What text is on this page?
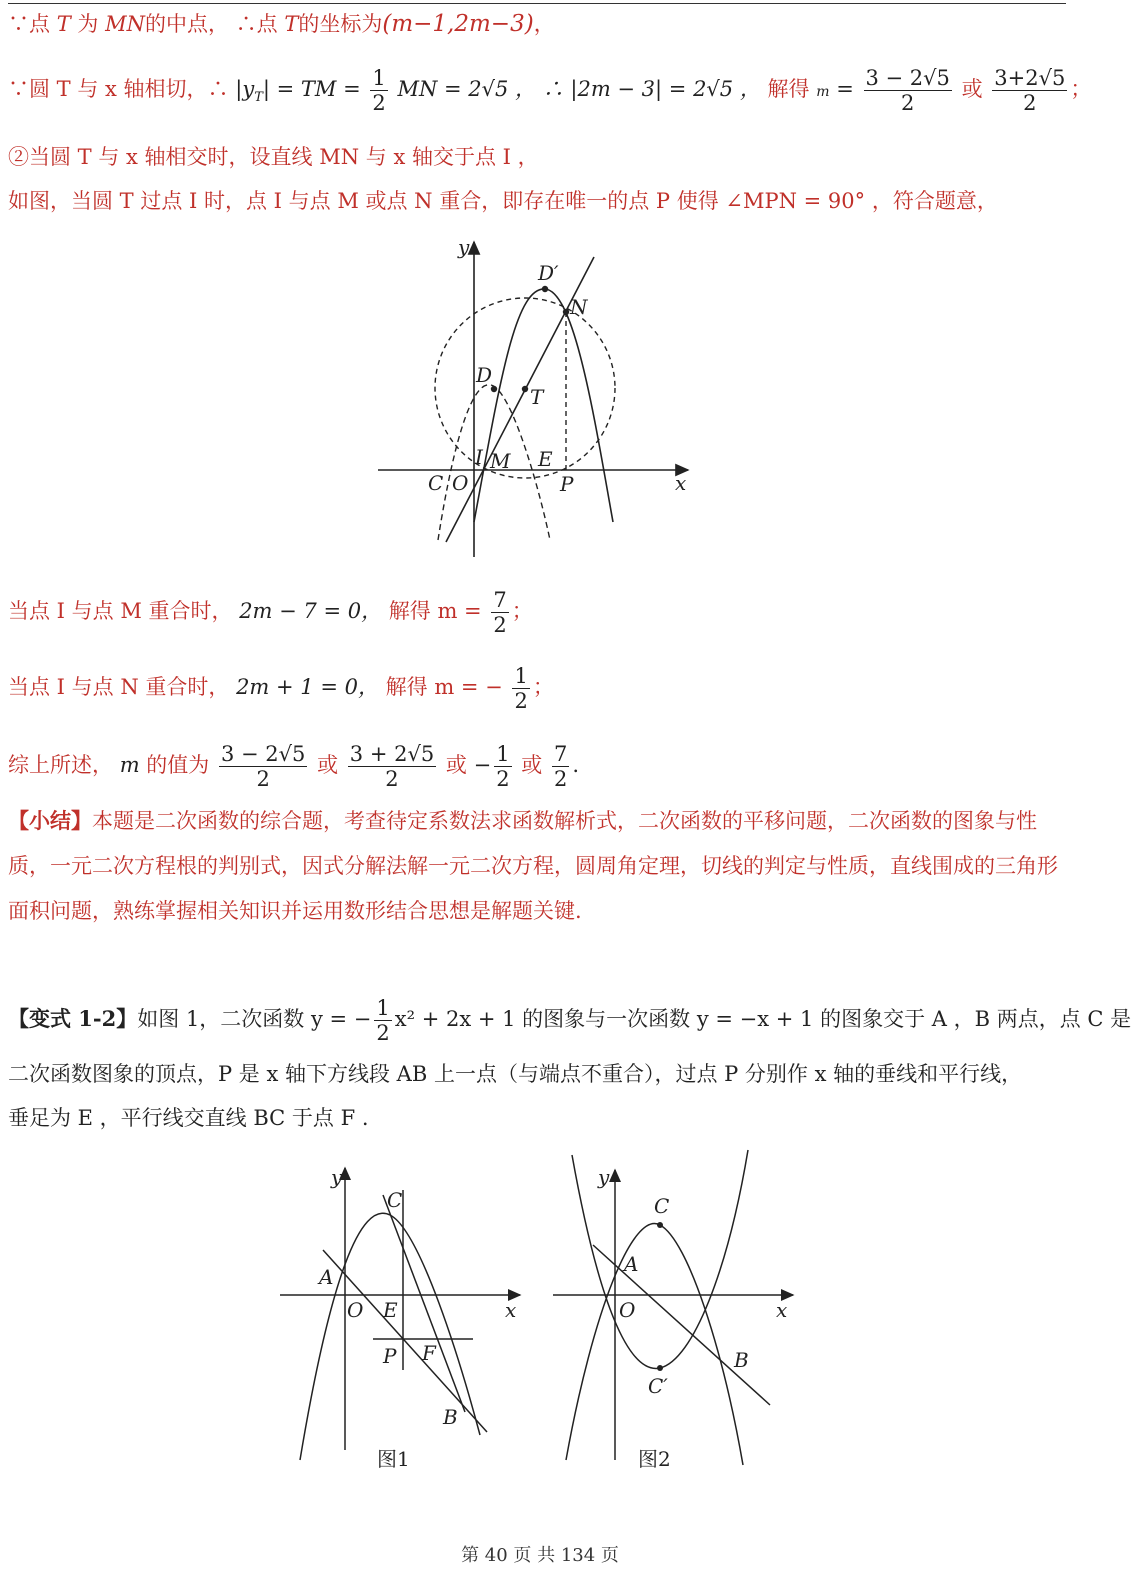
∵点 T 为 MN的中点， ∴点 T的坐标为(m−1,2m−3)，
∵圆 T 与 x 轴相切，∴ $|y_T|$ = TM = $\frac{1}{2}$ MN = 2√5 ， ∴ |2m − 3| = 2√5 ， 解得 $m = \frac{3 - 2√5}{2}$ 或 $\frac{3+2√5}{2}$ ；
②当圆 T 与 x 轴相交时，设直线 MN 与 x 轴交于点 I ，
如图，当圆 T 过点 I 时，点 I 与点 M 或点 N 重合，即存在唯一的点 P 使得 ∠MPN = 90° ，符合题意，
y
x
D′
N
D
T
I M E
C O	P
当点 I 与点 M 重合时， 2m − 7 = 0， 解得 $m = \frac{7}{2}$ ；
当点 I 与点 N 重合时， 2m + 1 = 0， 解得 m = − $\frac{1}{2}$ ；
综上所述， m 的值为 $\frac{3 - 2√5}{2}$ 或 $\frac{3 + 2√5}{2}$ 或 − $\frac{1}{2}$ 或 $\frac{7}{2}$ .
【小结】本题是二次函数的综合题，考查待定系数法求函数解析式，二次函数的平移问题，二次函数的图象与性质，一元二次方程根的判别式，因式分解法解一元二次方程，圆周角定理，切线的判定与性质，直线围成的三角形面积问题，熟练掌握相关知识并运用数形结合思想是解题关键.
【变式 1-2】如图 1，二次函数 y = − $\frac{1}{2} x^2 + 2x + 1$ 的图象与一次函数 y = −x + 1 的图象交于 A ，B 两点，点 C 是
二次函数图象的顶点，P 是 x 轴下方线段 AB 上一点（与端点不重合），过点 P 分别作 x 轴的垂线和平行线，
垂足为 E ，平行线交直线 BC 于点 F .
y
x
C
A
O E
P F
B
图1
y
x
C
A
O
B
C′
图2
第 40 页 共 134 页
